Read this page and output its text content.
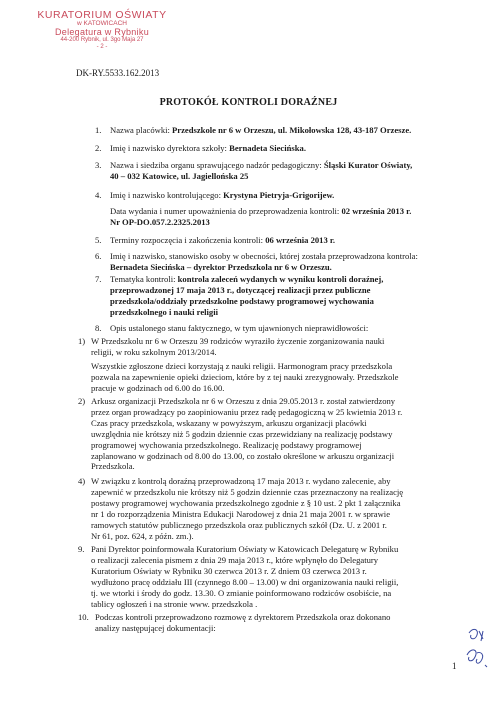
KURATORIUM OŚWIATY
w KATOWICACH
Delegatura w Rybniku
44-200 Rybnik, ul. 3go Maja 27
- 2 -
DK-RY.5533.162.2013
PROTOKÓŁ KONTROLI DORAŹNEJ
1. Nazwa placówki: Przedszkole nr 6 w Orzeszu, ul. Mikołowska 128, 43-187 Orzesze.
2. Imię i nazwisko dyrektora szkoły: Bernadeta Siecińska.
3. Nazwa i siedziba organu sprawującego nadzór pedagogiczny: Śląski Kurator Oświaty,
40 – 032 Katowice, ul. Jagiellońska 25
4. Imię i nazwisko kontrolującego: Krystyna Pietryja-Grigorijew.
Data wydania i numer upoważnienia do przeprowadzenia kontroli: 02 września 2013 r.
Nr OP-DO.057.2.2325.2013
5. Terminy rozpoczęcia i zakończenia kontroli: 06 września 2013 r.
6. Imię i nazwisko, stanowisko osoby w obecności, której została przeprowadzona kontrola:
Bernadeta Siecińska – dyrektor Przedszkola nr 6 w Orzeszu.
7. Tematyka kontroli: kontrola zaleceń wydanych w wyniku kontroli doraźnej,
przeprowadzonej 17 maja 2013 r., dotyczącej realizacji przez publiczne
przedszkola/oddziały przedszkolne podstawy programowej wychowania
przedszkolnego i nauki religii
8. Opis ustalonego stanu faktycznego, w tym ujawnionych nieprawidłowości:
1) W Przedszkolu nr 6 w Orzeszu 39 rodziców wyraziło życzenie zorganizowania nauki
religii, w roku szkolnym 2013/2014.
Wszystkie zgłoszone dzieci korzystają z nauki religii. Harmonogram pracy przedszkola
pozwala na zapewnienie opieki dzieciom, które by z tej nauki zrezygnowały. Przedszkole
pracuje w godzinach od 6.00 do 16.00.
2) Arkusz organizacji Przedszkola nr 6 w Orzeszu z dnia 29.05.2013 r. został zatwierdzony
przez organ prowadzący po zaopiniowaniu przez radę pedagogiczną w 25 kwietnia 2013 r.
Czas pracy przedszkola, wskazany w powyższym, arkuszu organizacji placówki
uwzględnia nie krótszy niż 5 godzin dziennie czas przewidziany na realizację podstawy
programowej wychowania przedszkolnego. Realizację podstawy programowej
zaplanowano w godzinach od 8.00 do 13.00, co zostało określone w arkuszu organizacji
Przedszkola.
4) W związku z kontrolą doraźną przeprowadzoną 17 maja 2013 r. wydano zalecenie, aby
zapewnić w przedszkolu nie krótszy niż 5 godzin dziennie czas przeznaczony na realizację
postawy programowej wychowania przedszkolnego zgodnie z § 10 ust. 2 pkt 1 załącznika
nr 1 do rozporządzenia Ministra Edukacji Narodowej z dnia 21 maja 2001 r. w sprawie
ramowych statutów publicznego przedszkola oraz publicznych szkół (Dz. U. z 2001 r.
Nr 61, poz. 624, z późn. zm.).
9. Pani Dyrektor poinformowała Kuratorium Oświaty w Katowicach Delegaturę w Rybniku
o realizacji zalecenia pismem z dnia 29 maja 2013 r., które wpłynęło do Delegatury
Kuratorium Oświaty w Rybniku 30 czerwca 2013 r. Z dniem 03 czerwca 2013 r.
wydłużono pracę oddziału III (czynnego 8.00 – 13.00) w dni organizowania nauki religii,
tj. we wtorki i środy do godz. 13.30. O zmianie poinformowano rodziców osobiście, na
tablicy ogłoszeń i na stronie www. przedszkola .
10. Podczas kontroli przeprowadzono rozmowę z dyrektorem Przedszkola oraz dokonano
analizy następującej dokumentacji:
1
